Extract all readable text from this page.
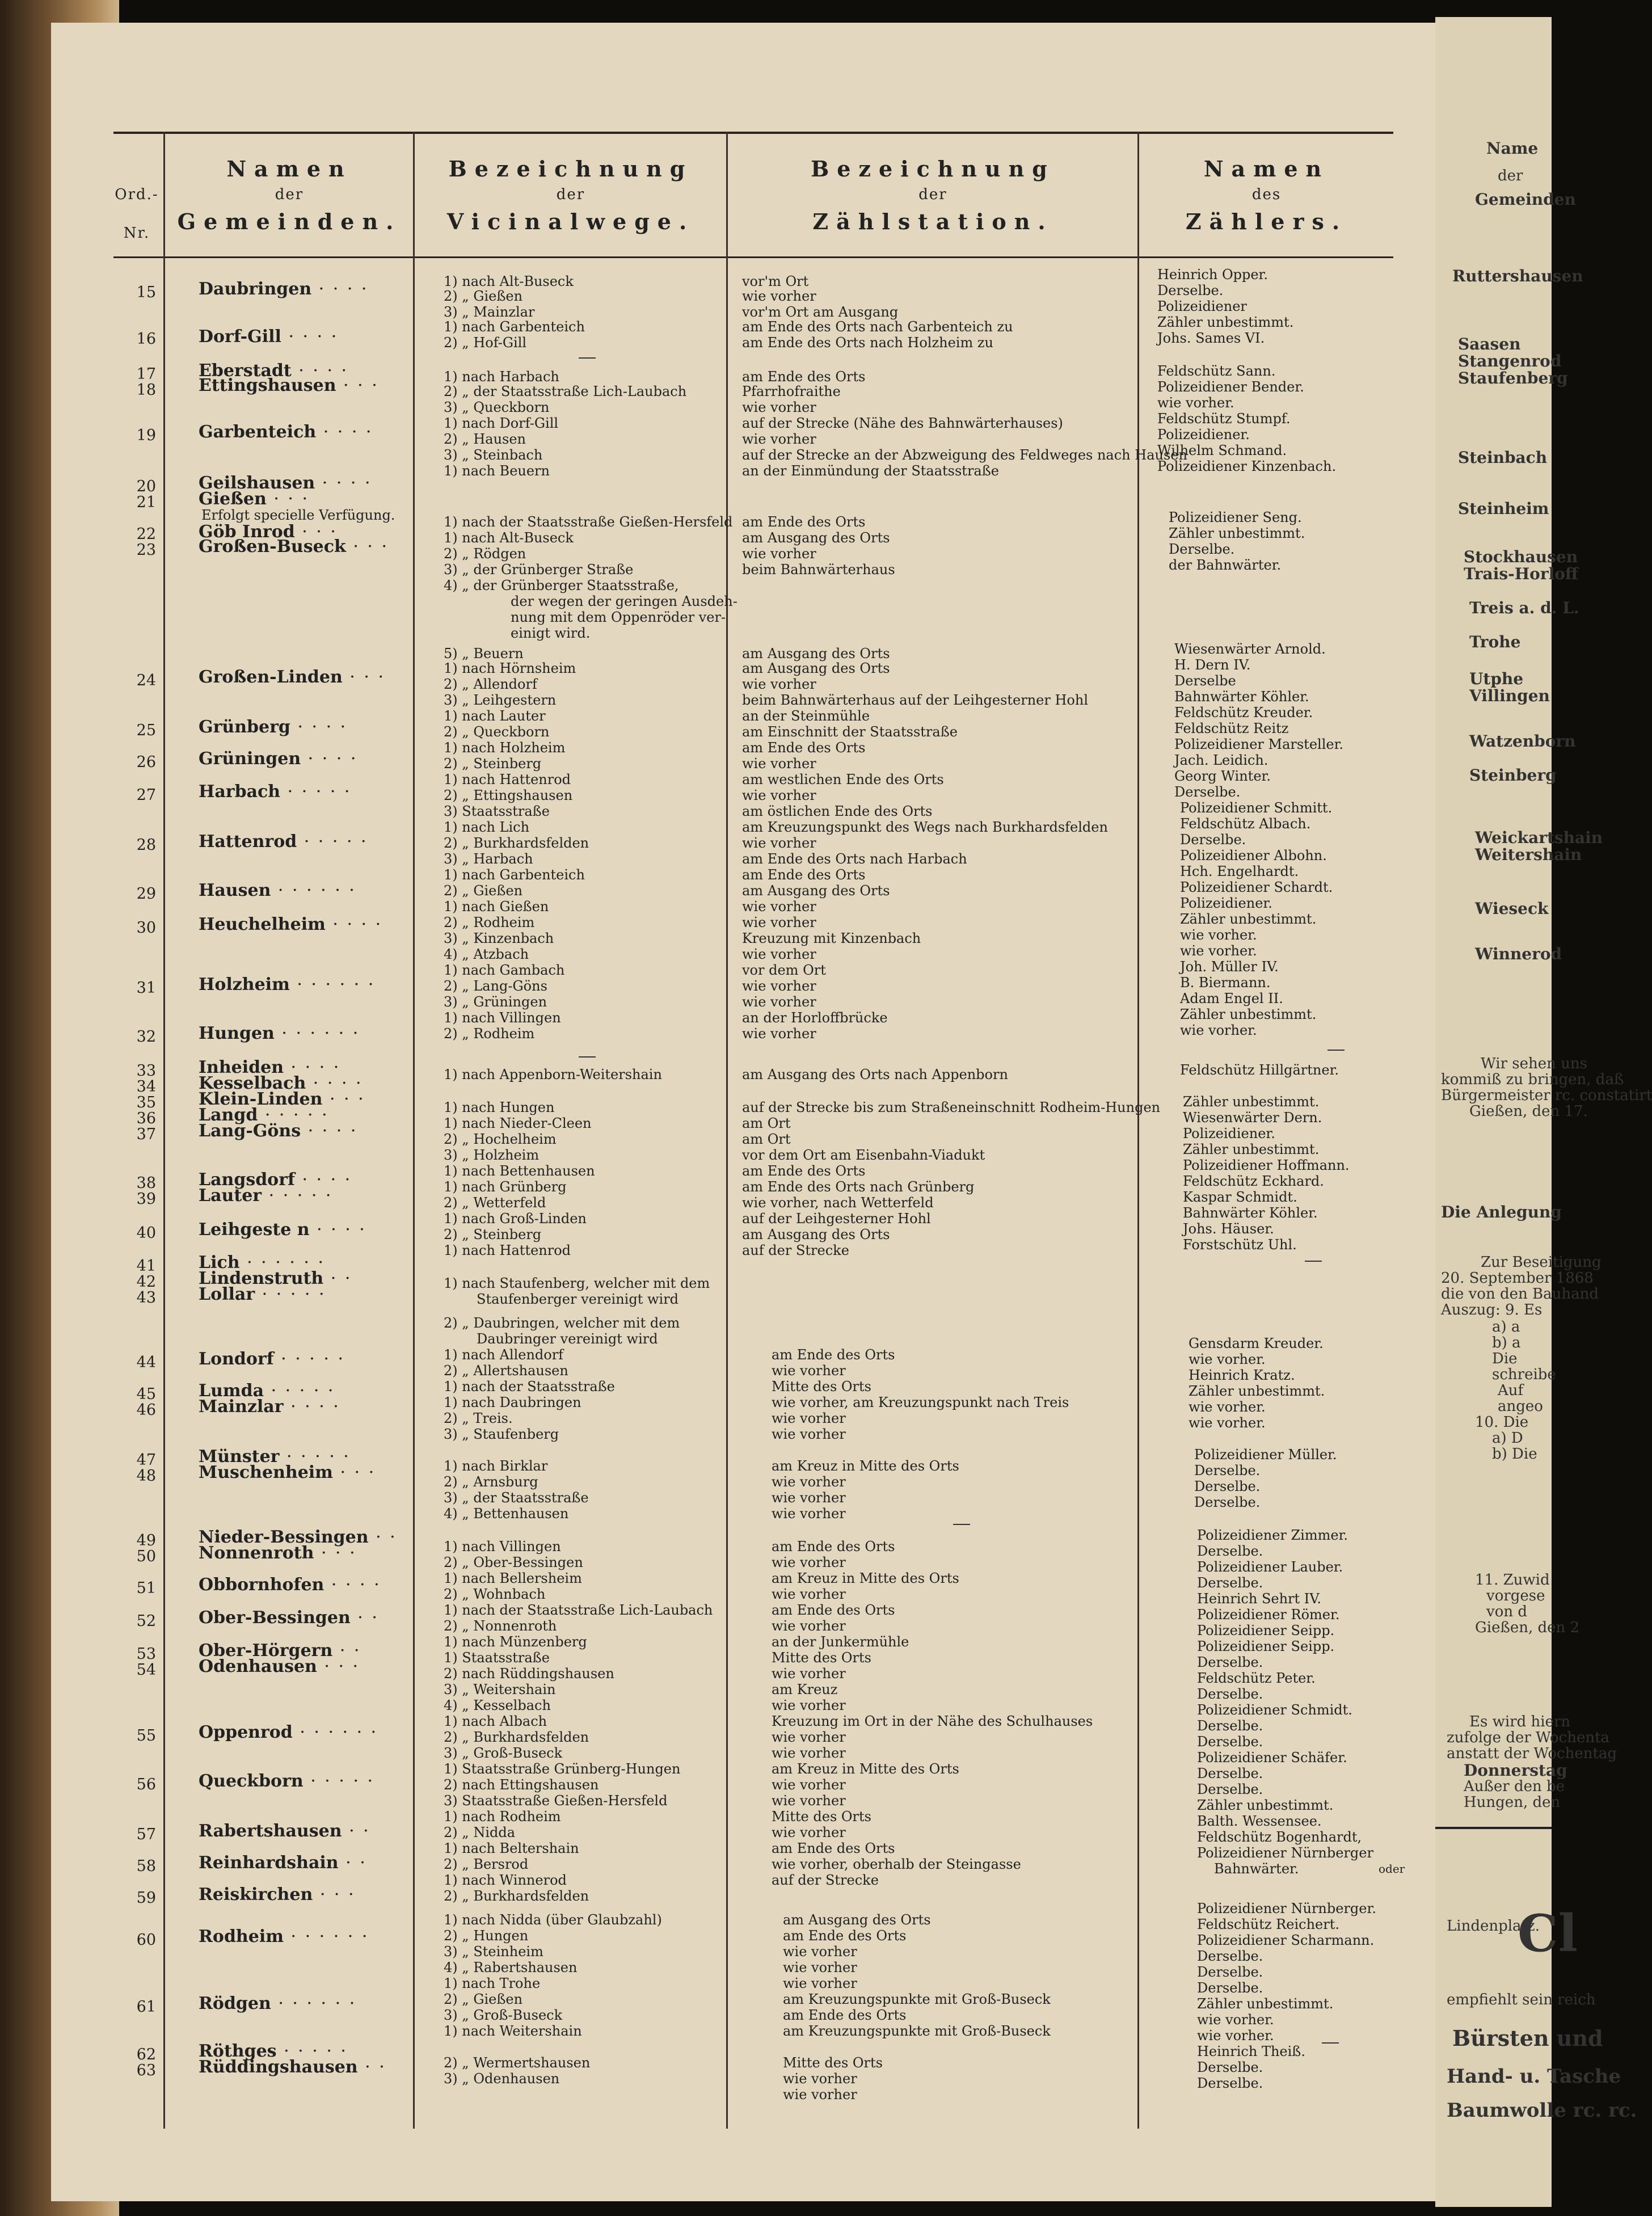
Ord.-
Nr.
Namen
der
Gemeinden.
Bezeichnung
der
Vicinalwege.
Bezeichnung
der
Zählstation.
Namen
des
Zählers.
15
16
17
18
19
20
21
22
23
24
25
26
27
28
29
30
31
32
33
34
35
36
37
38
39
40
41
42
43
44
45
46
47
48
49
50
51
52
53
54
55
56
57
58
59
60
61
62
63
Daubringen · · · ·
Dorf-Gill · · · ·
Eberstadt · · · ·
Ettingshausen · · ·
Garbenteich · · · ·
Geilshausen · · · ·
Gießen · · ·
Erfolgt specielle Verfügung.
Göb Inrod · · ·
Großen-Buseck · · ·
Großen-Linden · · ·
Grünberg · · · ·
Grüningen · · · ·
Harbach · · · · ·
Hattenrod · · · · ·
Hausen · · · · · ·
Heuchelheim · · · ·
Holzheim · · · · · ·
Hungen · · · · · ·
Inheiden · · · ·
Kesselbach · · · ·
Klein-Linden · · ·
Langd · · · · ·
Lang-Göns · · · ·
Langsdorf · · · ·
Lauter · · · · ·
Leihgeste n · · · ·
Lich · · · · · ·
Lindenstruth · ·
Lollar · · · · ·
Londorf · · · · ·
Lumda · · · · ·
Mainzlar · · · ·
Münster · · · · ·
Muschenheim · · ·
Nieder-Bessingen · ·
Nonnenroth · · ·
Obbornhofen · · · ·
Ober-Bessingen · ·
Ober-Hörgern · ·
Odenhausen · · ·
Oppenrod · · · · · ·
Queckborn · · · · ·
Rabertshausen · ·
Reinhardshain · ·
Reiskirchen · · ·
Rodheim · · · · · ·
Rödgen · · · · · ·
Röthges · · · · ·
Rüddingshausen · ·
1) nach Alt-Buseck
2) „ Gießen
3) „ Mainzlar
1) nach Garbenteich
2) „ Hof-Gill
1) nach Harbach
2) „ der Staatsstraße Lich-Laubach
3) „ Queckborn
1) nach Dorf-Gill
2) „ Hausen
3) „ Steinbach
1) nach Beuern
1) nach der Staatsstraße Gießen-Hersfeld
1) nach Alt-Buseck
2) „ Rödgen
3) „ der Grünberger Straße
4) „ der Grünberger Staatsstraße,
der wegen der geringen Ausdeh-
nung mit dem Oppenröder ver-
einigt wird.
5) „ Beuern
1) nach Hörnsheim
2) „ Allendorf
3) „ Leihgestern
1) nach Lauter
2) „ Queckborn
1) nach Holzheim
2) „ Steinberg
1) nach Hattenrod
2) „ Ettingshausen
3) Staatsstraße
1) nach Lich
2) „ Burkhardsfelden
3) „ Harbach
1) nach Garbenteich
2) „ Gießen
1) nach Gießen
2) „ Rodheim
3) „ Kinzenbach
4) „ Atzbach
1) nach Gambach
2) „ Lang-Göns
3) „ Grüningen
1) nach Villingen
2) „ Rodheim
1) nach Appenborn-Weitershain
1) nach Hungen
1) nach Nieder-Cleen
2) „ Hochelheim
3) „ Holzheim
1) nach Bettenhausen
1) nach Grünberg
2) „ Wetterfeld
1) nach Groß-Linden
2) „ Steinberg
1) nach Hattenrod
1) nach Staufenberg, welcher mit dem
Staufenberger vereinigt wird
2) „ Daubringen, welcher mit dem
Daubringer vereinigt wird
1) nach Allendorf
2) „ Allertshausen
1) nach der Staatsstraße
1) nach Daubringen
2) „ Treis.
3) „ Staufenberg
1) nach Birklar
2) „ Arnsburg
3) „ der Staatsstraße
4) „ Bettenhausen
1) nach Villingen
2) „ Ober-Bessingen
1) nach Bellersheim
2) „ Wohnbach
1) nach der Staatsstraße Lich-Laubach
2) „ Nonnenroth
1) nach Münzenberg
1) Staatsstraße
2) nach Rüddingshausen
3) „ Weitershain
4) „ Kesselbach
1) nach Albach
2) „ Burkhardsfelden
3) „ Groß-Buseck
1) Staatsstraße Grünberg-Hungen
2) nach Ettingshausen
3) Staatsstraße Gießen-Hersfeld
1) nach Rodheim
2) „ Nidda
1) nach Beltershain
2) „ Bersrod
1) nach Winnerod
2) „ Burkhardsfelden
1) nach Nidda (über Glaubzahl)
2) „ Hungen
3) „ Steinheim
4) „ Rabertshausen
1) nach Trohe
2) „ Gießen
3) „ Groß-Buseck
1) nach Weitershain
2) „ Wermertshausen
3) „ Odenhausen
vor'm Ort
wie vorher
vor'm Ort am Ausgang
am Ende des Orts nach Garbenteich zu
am Ende des Orts nach Holzheim zu
am Ende des Orts
Pfarrhofraithe
wie vorher
auf der Strecke (Nähe des Bahnwärterhauses)
wie vorher
auf der Strecke an der Abzweigung des Feldweges nach Hausen
an der Einmündung der Staatsstraße
am Ende des Orts
am Ausgang des Orts
wie vorher
beim Bahnwärterhaus
am Ausgang des Orts
am Ausgang des Orts
wie vorher
beim Bahnwärterhaus auf der Leihgesterner Hohl
an der Steinmühle
am Einschnitt der Staatsstraße
am Ende des Orts
wie vorher
am westlichen Ende des Orts
wie vorher
am östlichen Ende des Orts
am Kreuzungspunkt des Wegs nach Burkhardsfelden
wie vorher
am Ende des Orts nach Harbach
am Ende des Orts
am Ausgang des Orts
wie vorher
wie vorher
Kreuzung mit Kinzenbach
wie vorher
vor dem Ort
wie vorher
wie vorher
an der Horloffbrücke
wie vorher
am Ausgang des Orts nach Appenborn
auf der Strecke bis zum Straßeneinschnitt Rodheim-Hungen
am Ort
am Ort
vor dem Ort am Eisenbahn-Viadukt
am Ende des Orts
am Ende des Orts nach Grünberg
wie vorher, nach Wetterfeld
auf der Leihgesterner Hohl
am Ausgang des Orts
auf der Strecke
am Ende des Orts
wie vorher
Mitte des Orts
wie vorher, am Kreuzungspunkt nach Treis
wie vorher
wie vorher
am Kreuz in Mitte des Orts
wie vorher
wie vorher
wie vorher
am Ende des Orts
wie vorher
am Kreuz in Mitte des Orts
wie vorher
am Ende des Orts
wie vorher
an der Junkermühle
Mitte des Orts
wie vorher
am Kreuz
wie vorher
Kreuzung im Ort in der Nähe des Schulhauses
wie vorher
wie vorher
am Kreuz in Mitte des Orts
wie vorher
wie vorher
Mitte des Orts
wie vorher
am Ende des Orts
wie vorher, oberhalb der Steingasse
auf der Strecke
am Ausgang des Orts
am Ende des Orts
wie vorher
wie vorher
wie vorher
am Kreuzungspunkte mit Groß-Buseck
am Ende des Orts
am Kreuzungspunkte mit Groß-Buseck
Mitte des Orts
wie vorher
wie vorher
Heinrich Opper.
Derselbe.
Polizeidiener
Zähler unbestimmt.
Johs. Sames VI.
Feldschütz Sann.
Polizeidiener Bender.
wie vorher.
Feldschütz Stumpf.
Polizeidiener.
Wilhelm Schmand.
Polizeidiener Kinzenbach.
Polizeidiener Seng.
Zähler unbestimmt.
Derselbe.
der Bahnwärter.
Wiesenwärter Arnold.
H. Dern IV.
Derselbe
Bahnwärter Köhler.
Feldschütz Kreuder.
Feldschütz Reitz
Polizeidiener Marsteller.
Jach. Leidich.
Georg Winter.
Derselbe.
Polizeidiener Schmitt.
Feldschütz Albach.
Derselbe.
Polizeidiener Albohn.
Hch. Engelhardt.
Polizeidiener Schardt.
Polizeidiener.
Zähler unbestimmt.
wie vorher.
wie vorher.
Joh. Müller IV.
B. Biermann.
Adam Engel II.
Zähler unbestimmt.
wie vorher.
Feldschütz Hillgärtner.
Zähler unbestimmt.
Wiesenwärter Dern.
Polizeidiener.
Zähler unbestimmt.
Polizeidiener Hoffmann.
Feldschütz Eckhard.
Kaspar Schmidt.
Bahnwärter Köhler.
Johs. Häuser.
Forstschütz Uhl.
Gensdarm Kreuder.
wie vorher.
Heinrich Kratz.
Zähler unbestimmt.
wie vorher.
wie vorher.
Polizeidiener Müller.
Derselbe.
Derselbe.
Derselbe.
Polizeidiener Zimmer.
Derselbe.
Polizeidiener Lauber.
Derselbe.
Heinrich Sehrt IV.
Polizeidiener Römer.
Polizeidiener Seipp.
Polizeidiener Seipp.
Derselbe.
Feldschütz Peter.
Derselbe.
Polizeidiener Schmidt.
Derselbe.
Derselbe.
Polizeidiener Schäfer.
Derselbe.
Derselbe.
Zähler unbestimmt.
Balth. Wessensee.
Feldschütz Bogenhardt,
Polizeidiener Nürnberger
Bahnwärter.
Polizeidiener Nürnberger.
Feldschütz Reichert.
Polizeidiener Scharmann.
Derselbe.
Derselbe.
Derselbe.
Zähler unbestimmt.
wie vorher.
wie vorher.
Heinrich Theiß.
Derselbe.
Derselbe.
oder
Name
der
Gemeinden
Ruttershausen
Saasen
Stangenrod
Staufenberg
Steinbach
Steinheim
Stockhausen
Trais-Horloff
Treis a. d. L.
Trohe
Utphe
Villingen
Watzenborn
Steinberg
Weickartshain
Weitershain
Wieseck
Winnerod
Wir sehen uns
kommiß zu bringen, daß
Bürgermeister rc. constatirt
Gießen, den 17.
Die Anlegung
Zur Beseitigung
20. September 1868
die von den Bauhand
Auszug: 9. Es
a) a
b) a
Die
schreibe
Auf
angeo
10. Die
a) D
b) Die
11. Zuwid
vorgese
von d
Gießen, den 2
Es wird hiern
zufolge der Wochenta
anstatt der Wochentag
Donnerstag
Außer den be
Hungen, den
Lindenplatz.
Cl
empfiehlt sein reich
Bürsten und
Hand- u. Tasche
Baumwolle rc. rc.
